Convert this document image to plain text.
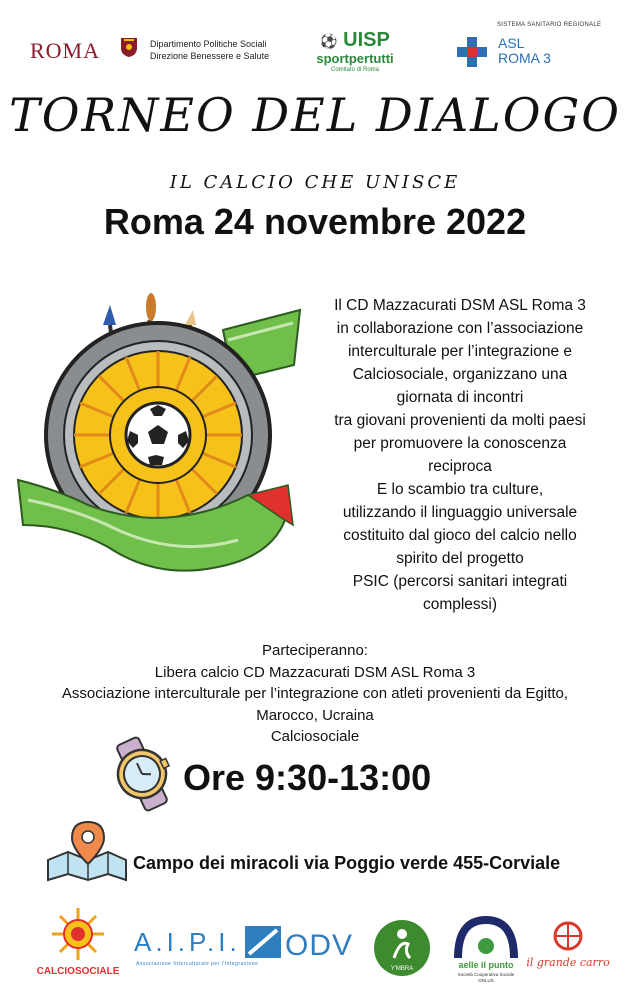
ROMA	Dipartimento Politiche Sociali
Direzione Benessere e Salute
⚽ UISP
sportpertutti
Comitato di Roma
SISTEMA SANITARIO REGIONALE
ASL
ROMA 3
TORNEO DEL DIALOGO
IL CALCIO CHE UNISCE
Roma 24 novembre 2022
Il CD Mazzacurati DSM ASL Roma 3
in collaborazione con l’associazione
interculturale per l’integrazione e
Calciosociale, organizzano una
giornata di incontri
tra giovani provenienti da molti paesi
per promuovere la conoscenza
reciproca
E lo scambio tra culture,
utilizzando il linguaggio universale
costituito dal gioco del calcio nello
spirito del progetto
PSIC (percorsi sanitari integrati
complessi)
Parteciperanno:
Libera calcio CD Mazzacurati DSM ASL Roma 3
Associazione interculturale per l’integrazione con atleti provenienti da Egitto,
Marocco, Ucraina
Calciosociale
Ore 9:30-13:00
Campo dei miracoli via Poggio verde 455-Corviale
CALCIOSOCIALE
A.I.P.I. ODV
Associazione Interculturale per l'Integrazione
Y'MBRA	aelle il punto
Società Cooperativa Sociale
ONLUS
il grande carro
